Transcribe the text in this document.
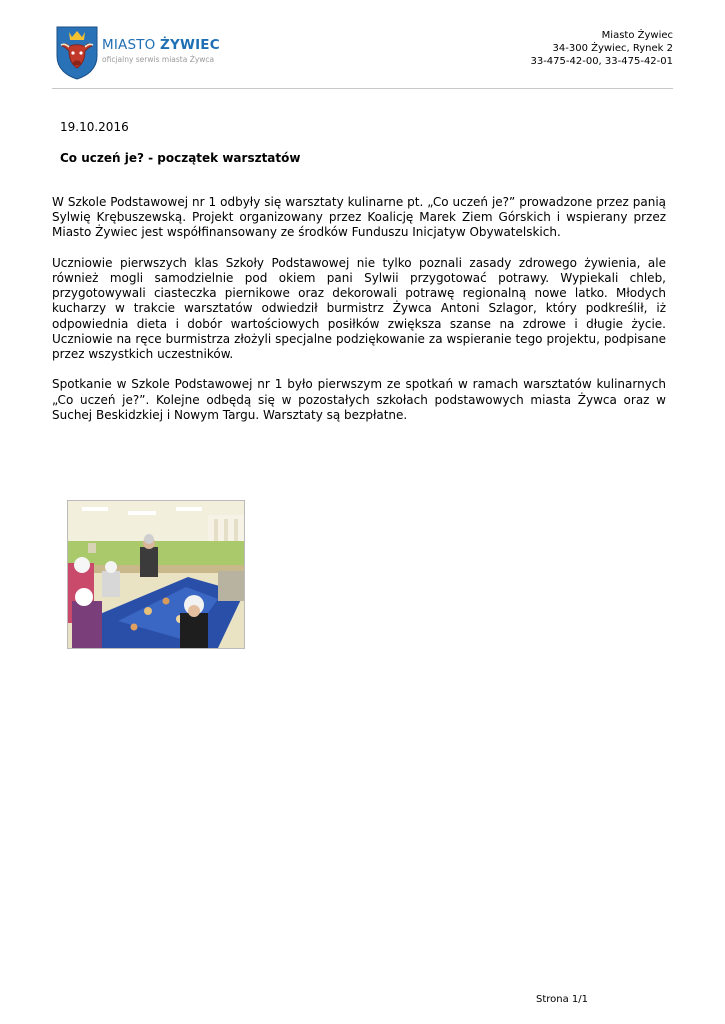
MIASTO ŻYWIEC
oficjalny serwis miasta Żywca
Miasto Żywiec
34-300 Żywiec, Rynek 2
33-475-42-00, 33-475-42-01
19.10.2016
Co uczeń je? - początek warsztatów

W Szkole Podstawowej nr 1 odbyły się warsztaty kulinarne pt. „Co uczeń je?” prowadzone przez panią Sylwię Krębuszewską. Projekt organizowany przez Koalicję Marek Ziem Górskich i wspierany przez Miasto Żywiec jest współfinansowany ze środków Funduszu Inicjatyw Obywatelskich.

Uczniowie pierwszych klas Szkoły Podstawowej nie tylko poznali zasady zdrowego żywienia, ale również mogli samodzielnie pod okiem pani Sylwii przygotować potrawy. Wypiekali chleb, przygotowywali ciasteczka piernikowe oraz dekorowali potrawę regionalną nowe latko. Młodych kucharzy w trakcie warsztatów odwiedził burmistrz Żywca Antoni Szlagor, który podkreślił, iż odpowiednia dieta i dobór wartościowych posiłków zwiększa szanse na zdrowe i długie życie. Uczniowie na ręce burmistrza złożyli specjalne podziękowanie za wspieranie tego projektu, podpisane przez wszystkich uczestników.

Spotkanie w Szkole Podstawowej nr 1 było pierwszym ze spotkań w ramach warsztatów kulinarnych „Co uczeń je?”. Kolejne odbędą się w pozostałych szkołach podstawowych miasta Żywca oraz w Suchej Beskidzkiej i Nowym Targu. Warsztaty są bezpłatne.

Strona 1/1
